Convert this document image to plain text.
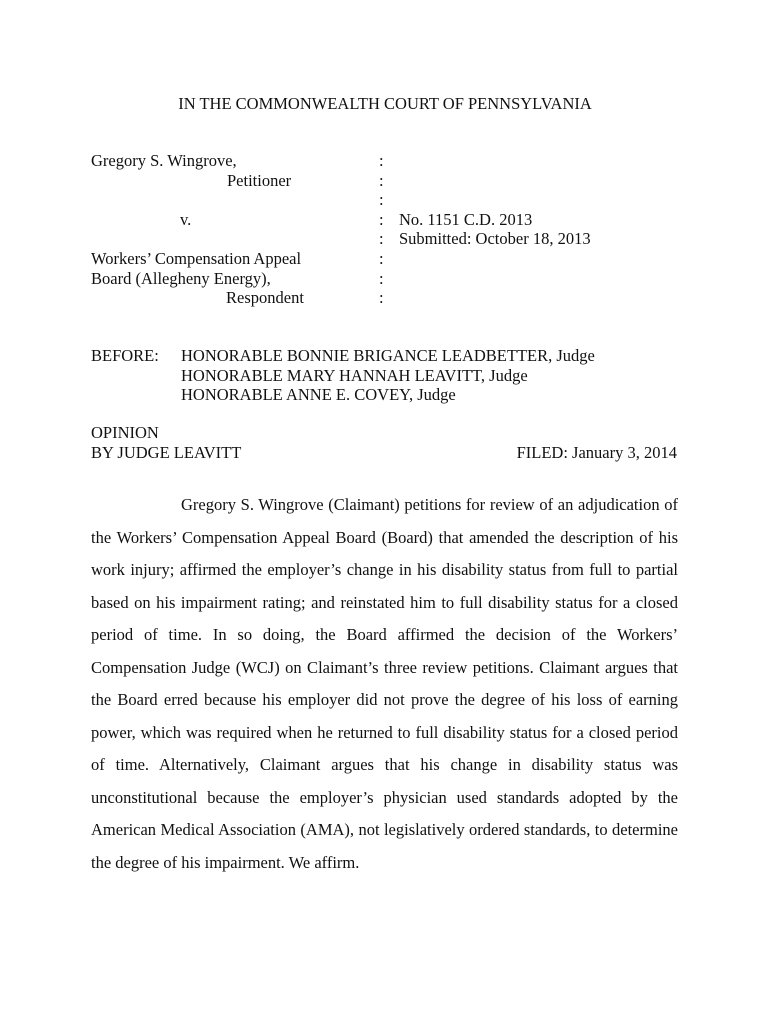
IN THE COMMONWEALTH COURT OF PENNSYLVANIA
Gregory S. Wingrove,
Petitioner
v.
Workers’ Compensation Appeal
Board (Allegheny Energy),
Respondent
:
:
:
:
:
:
:
:
No. 1151 C.D. 2013
Submitted: October 18, 2013
BEFORE: HONORABLE BONNIE BRIGANCE LEADBETTER, Judge
HONORABLE MARY HANNAH LEAVITT, Judge
HONORABLE ANNE E. COVEY, Judge
OPINION
BY JUDGE LEAVITT	FILED: January 3, 2014

Gregory S. Wingrove (Claimant) petitions for review of an adjudication of the Workers’ Compensation Appeal Board (Board) that amended the description of his work injury; affirmed the employer’s change in his disability status from full to partial based on his impairment rating; and reinstated him to full disability status for a closed period of time. In so doing, the Board affirmed the decision of the Workers’ Compensation Judge (WCJ) on Claimant’s three review petitions. Claimant argues that the Board erred because his employer did not prove the degree of his loss of earning power, which was required when he returned to full disability status for a closed period of time. Alternatively, Claimant argues that his change in disability status was unconstitutional because the employer’s physician used standards adopted by the American Medical Association (AMA), not legislatively ordered standards, to determine the degree of his impairment. We affirm.
